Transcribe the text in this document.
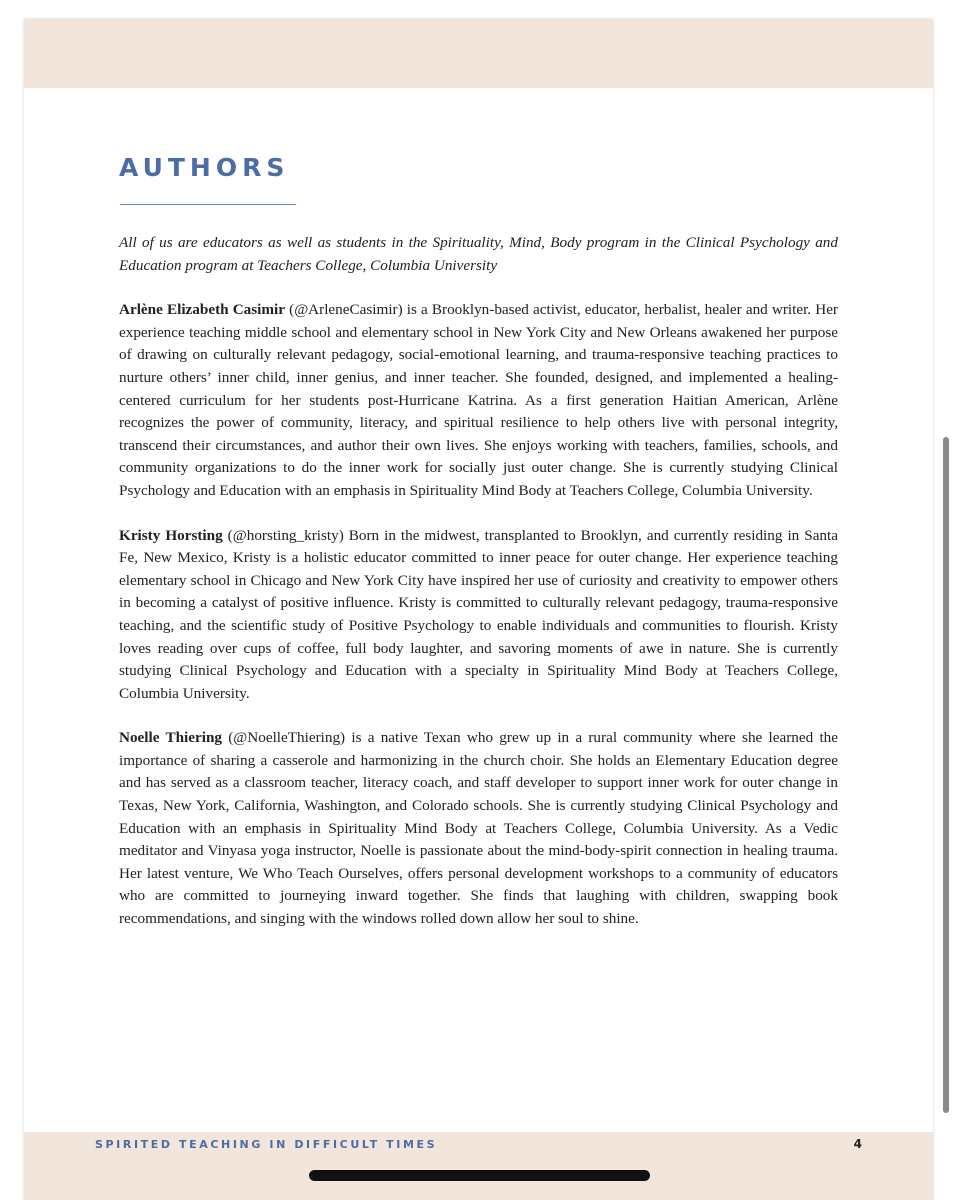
AUTHORS

All of us are educators as well as students in the Spirituality, Mind, Body program in the Clinical Psychology and Education program at Teachers College, Columbia University

Arlène Elizabeth Casimir (@ArleneCasimir) is a Brooklyn-based activist, educator, herbalist, healer and writer. Her experience teaching middle school and elementary school in New York City and New Orleans awakened her purpose of drawing on culturally relevant pedagogy, social-emotional learning, and trauma-responsive teaching practices to nurture others’ inner child, inner genius, and inner teacher. She founded, designed, and implemented a healing-centered curriculum for her students post-Hurricane Katrina. As a first generation Haitian American, Arlène recognizes the power of community, literacy, and spiritual resilience to help others live with personal integrity, transcend their circumstances, and author their own lives. She enjoys working with teachers, families, schools, and community organizations to do the inner work for socially just outer change. She is currently studying Clinical Psychology and Education with an emphasis in Spirituality Mind Body at Teachers College, Columbia University.

Kristy Horsting (@horsting_kristy) Born in the midwest, transplanted to Brooklyn, and currently residing in Santa Fe, New Mexico, Kristy is a holistic educator committed to inner peace for outer change. Her experience teaching elementary school in Chicago and New York City have inspired her use of curiosity and creativity to empower others in becoming a catalyst of positive influence. Kristy is committed to culturally relevant pedagogy, trauma-responsive teaching, and the scientific study of Positive Psychology to enable individuals and communities to flourish. Kristy loves reading over cups of coffee, full body laughter, and savoring moments of awe in nature. She is currently studying Clinical Psychology and Education with a specialty in Spirituality Mind Body at Teachers College, Columbia University.

Noelle Thiering (@NoelleThiering) is a native Texan who grew up in a rural community where she learned the importance of sharing a casserole and harmonizing in the church choir. She holds an Elementary Education degree and has served as a classroom teacher, literacy coach, and staff developer to support inner work for outer change in Texas, New York, California, Washington, and Colorado schools. She is currently studying Clinical Psychology and Education with an emphasis in Spirituality Mind Body at Teachers College, Columbia University. As a Vedic meditator and Vinyasa yoga instructor, Noelle is passionate about the mind-body-spirit connection in healing trauma. Her latest venture, We Who Teach Ourselves, offers personal development workshops to a community of educators who are committed to journeying inward together. She finds that laughing with children, swapping book recommendations, and singing with the windows rolled down allow her soul to shine.

SPIRITED TEACHING IN DIFFICULT TIMES	4
